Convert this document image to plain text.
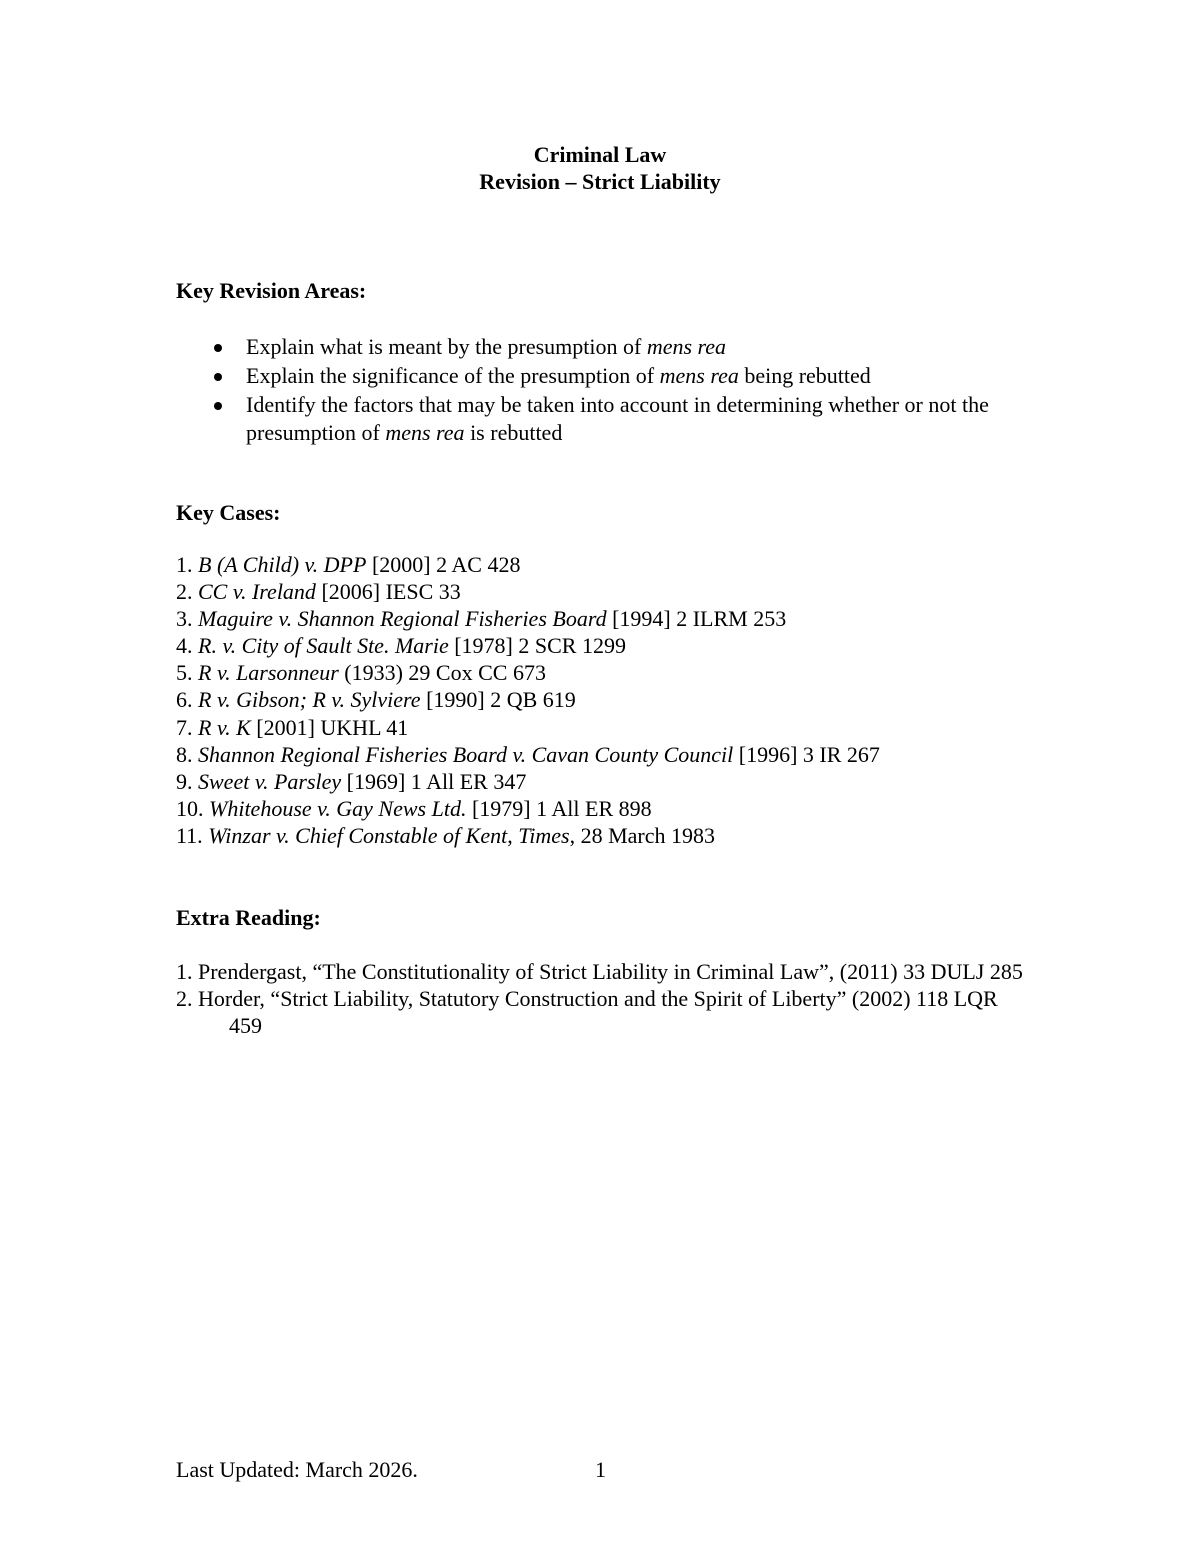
Criminal Law
Revision – Strict Liability
Key Revision Areas:
Explain what is meant by the presumption of mens rea
Explain the significance of the presumption of mens rea being rebutted
Identify the factors that may be taken into account in determining whether or not the presumption of mens rea is rebutted
Key Cases:
1. B (A Child) v. DPP [2000] 2 AC 428
2. CC v. Ireland [2006] IESC 33
3. Maguire v. Shannon Regional Fisheries Board [1994] 2 ILRM 253
4. R. v. City of Sault Ste. Marie [1978] 2 SCR 1299
5. R v. Larsonneur (1933) 29 Cox CC 673
6. R v. Gibson; R v. Sylviere [1990] 2 QB 619
7. R v. K [2001] UKHL 41
8. Shannon Regional Fisheries Board v. Cavan County Council [1996] 3 IR 267
9. Sweet v. Parsley [1969] 1 All ER 347
10. Whitehouse v. Gay News Ltd. [1979] 1 All ER 898
11. Winzar v. Chief Constable of Kent, Times, 28 March 1983
Extra Reading:
1. Prendergast, “The Constitutionality of Strict Liability in Criminal Law”, (2011) 33 DULJ 285
2. Horder, “Strict Liability, Statutory Construction and the Spirit of Liberty” (2002) 118 LQR 459
Last Updated: March 2026.	1
